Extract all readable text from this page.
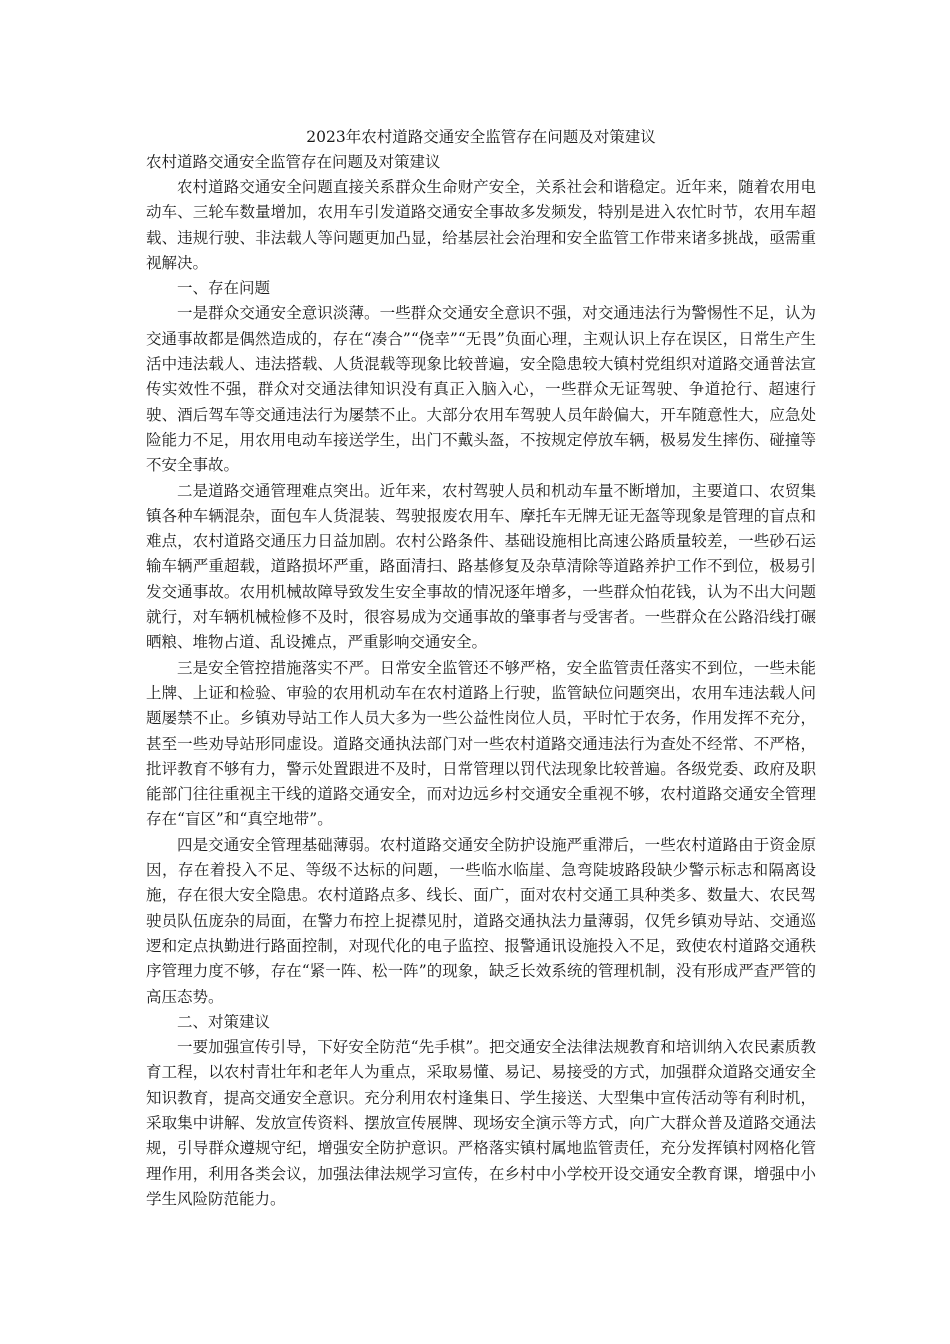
2023年农村道路交通安全监管存在问题及对策建议

农村道路交通安全监管存在问题及对策建议

农村道路交通安全问题直接关系群众生命财产安全，关系社会和谐稳定。近年来，随着农用电动车、三轮车数量增加，农用车引发道路交通安全事故多发频发，特别是进入农忙时节，农用车超载、违规行驶、非法载人等问题更加凸显，给基层社会治理和安全监管工作带来诸多挑战，亟需重视解决。

一、存在问题

一是群众交通安全意识淡薄。一些群众交通安全意识不强，对交通违法行为警惕性不足，认为交通事故都是偶然造成的，存在“凑合”“侥幸”“无畏”负面心理，主观认识上存在误区，日常生产生活中违法载人、违法搭载、人货混载等现象比较普遍，安全隐患较大镇村党组织对道路交通普法宣传实效性不强，群众对交通法律知识没有真正入脑入心，一些群众无证驾驶、争道抢行、超速行驶、酒后驾车等交通违法行为屡禁不止。大部分农用车驾驶人员年龄偏大，开车随意性大，应急处险能力不足，用农用电动车接送学生，出门不戴头盔，不按规定停放车辆，极易发生摔伤、碰撞等不安全事故。

二是道路交通管理难点突出。近年来，农村驾驶人员和机动车量不断增加，主要道口、农贸集镇各种车辆混杂，面包车人货混装、驾驶报废农用车、摩托车无牌无证无盔等现象是管理的盲点和难点，农村道路交通压力日益加剧。农村公路条件、基础设施相比高速公路质量较差，一些砂石运输车辆严重超载，道路损坏严重，路面清扫、路基修复及杂草清除等道路养护工作不到位，极易引发交通事故。农用机械故障导致发生安全事故的情况逐年增多，一些群众怕花钱，认为不出大问题就行，对车辆机械检修不及时，很容易成为交通事故的肇事者与受害者。一些群众在公路沿线打碾晒粮、堆物占道、乱设摊点，严重影响交通安全。

三是安全管控措施落实不严。日常安全监管还不够严格，安全监管责任落实不到位，一些未能上牌、上证和检验、审验的农用机动车在农村道路上行驶，监管缺位问题突出，农用车违法载人问题屡禁不止。乡镇劝导站工作人员大多为一些公益性岗位人员，平时忙于农务，作用发挥不充分，甚至一些劝导站形同虚设。道路交通执法部门对一些农村道路交通违法行为查处不经常、不严格，批评教育不够有力，警示处置跟进不及时，日常管理以罚代法现象比较普遍。各级党委、政府及职能部门往往重视主干线的道路交通安全，而对边远乡村交通安全重视不够，农村道路交通安全管理存在“盲区”和“真空地带”。

四是交通安全管理基础薄弱。农村道路交通安全防护设施严重滞后，一些农村道路由于资金原因，存在着投入不足、等级不达标的问题，一些临水临崖、急弯陡坡路段缺少警示标志和隔离设施，存在很大安全隐患。农村道路点多、线长、面广，面对农村交通工具种类多、数量大、农民驾驶员队伍庞杂的局面，在警力布控上捉襟见肘，道路交通执法力量薄弱，仅凭乡镇劝导站、交通巡逻和定点执勤进行路面控制，对现代化的电子监控、报警通讯设施投入不足，致使农村道路交通秩序管理力度不够，存在“紧一阵、松一阵”的现象，缺乏长效系统的管理机制，没有形成严查严管的高压态势。

二、对策建议

一要加强宣传引导，下好安全防范“先手棋”。把交通安全法律法规教育和培训纳入农民素质教育工程，以农村青壮年和老年人为重点，采取易懂、易记、易接受的方式，加强群众道路交通安全知识教育，提高交通安全意识。充分利用农村逢集日、学生接送、大型集中宣传活动等有利时机，采取集中讲解、发放宣传资料、摆放宣传展牌、现场安全演示等方式，向广大群众普及道路交通法规，引导群众遵规守纪，增强安全防护意识。严格落实镇村属地监管责任，充分发挥镇村网格化管理作用，利用各类会议，加强法律法规学习宣传，在乡村中小学校开设交通安全教育课，增强中小学生风险防范能力。
